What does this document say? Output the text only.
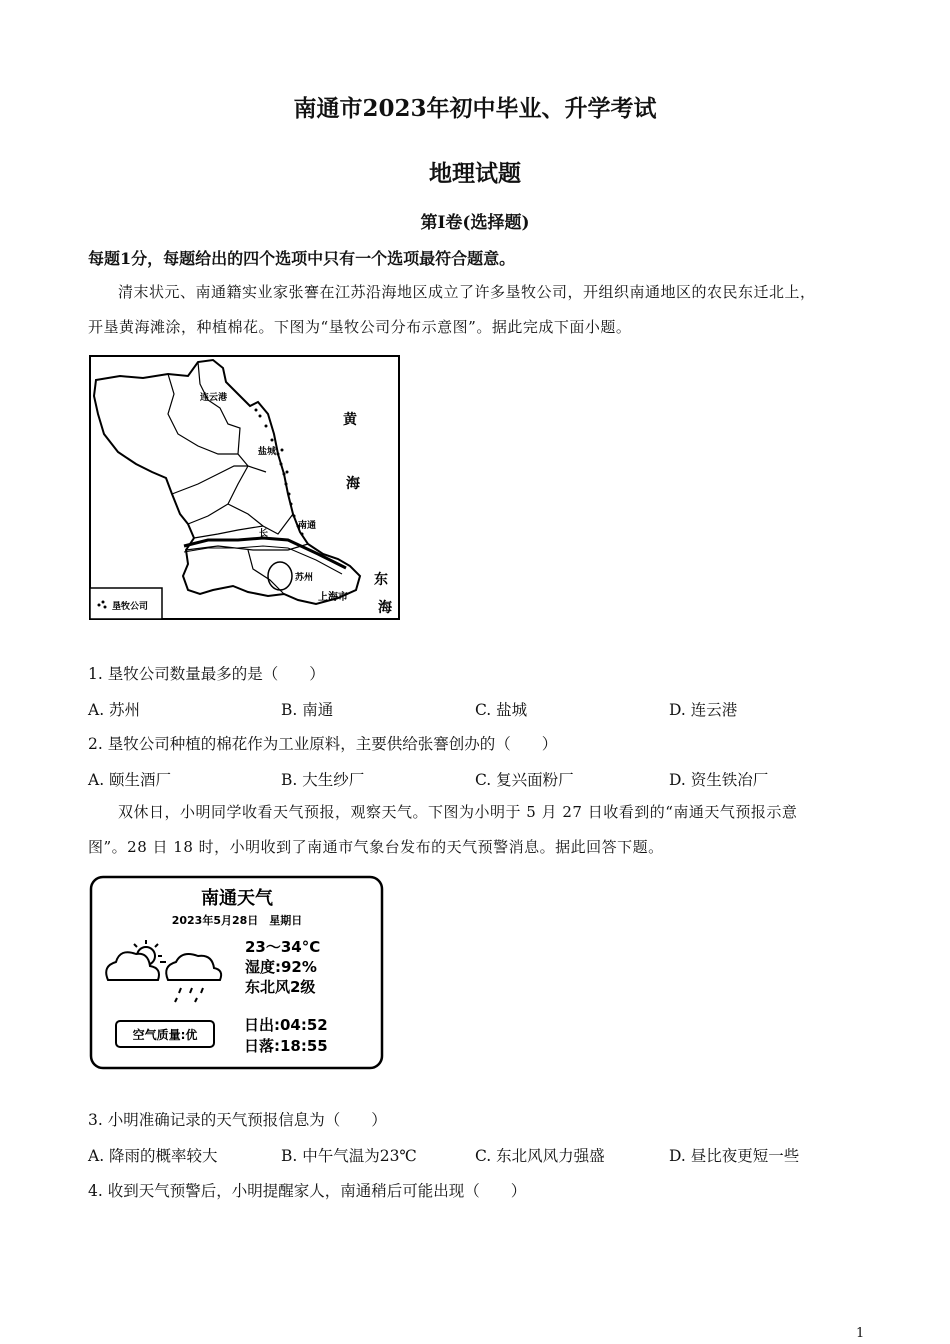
南通市2023年初中毕业、升学考试
地理试题
第Ⅰ卷(选择题)
每题1分，每题给出的四个选项中只有一个选项最符合题意。
清末状元、南通籍实业家张謇在江苏沿海地区成立了许多垦牧公司，开组织南通地区的农民东迁北上，
开垦黄海滩涂，种植棉花。下图为“垦牧公司分布示意图”。据此完成下面小题。
连云港
盐城
南通
长
苏州
上海市
黄
海
东
海
垦牧公司
1. 垦牧公司数量最多的是（　　）
A. 苏州	B. 南通	C. 盐城	D. 连云港
2. 垦牧公司种植的棉花作为工业原料，主要供给张謇创办的（　　）
A. 颐生酒厂	B. 大生纱厂	C. 复兴面粉厂	D. 资生铁冶厂
双休日，小明同学收看天气预报，观察天气。下图为小明于 5 月 27 日收看到的“南通天气预报示意
图”。28 日 18 时，小明收到了南通市气象台发布的天气预警消息。据此回答下题。
南通天气
2023年5月28日　星期日
23～34°C
湿度:92%
东北风2级
空气质量:优
日出:04:52
日落:18:55
3. 小明准确记录的天气预报信息为（　　）
A. 降雨的概率较大	B. 中午气温为23℃	C. 东北风风力强盛	D. 昼比夜更短一些
4. 收到天气预警后，小明提醒家人，南通稍后可能出现（　　）
1
